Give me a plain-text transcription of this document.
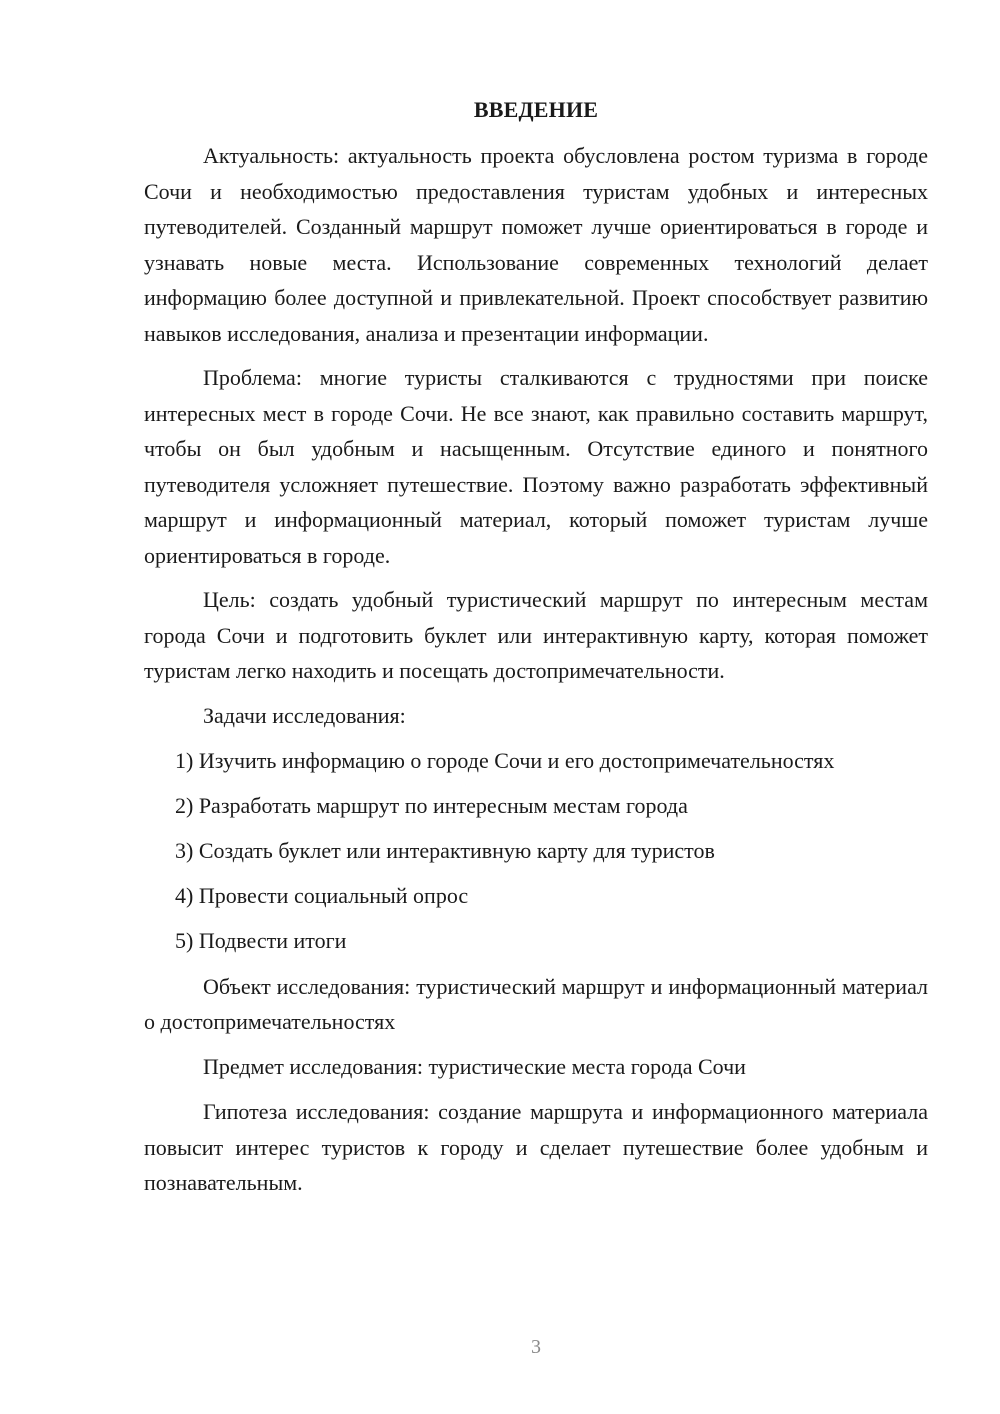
ВВЕДЕНИЕ

Актуальность: актуальность проекта обусловлена ростом туризма в городе Сочи и необходимостью предоставления туристам удобных и интересных путеводителей. Созданный маршрут поможет лучше ориентироваться в городе и узнавать новые места. Использование современных технологий делает информацию более доступной и привлекательной. Проект способствует развитию навыков исследования, анализа и презентации информации.

Проблема: многие туристы сталкиваются с трудностями при поиске интересных мест в городе Сочи. Не все знают, как правильно составить маршрут, чтобы он был удобным и насыщенным. Отсутствие единого и понятного путеводителя усложняет путешествие. Поэтому важно разработать эффективный маршрут и информационный материал, который поможет туристам лучше ориентироваться в городе.

Цель: создать удобный туристический маршрут по интересным местам города Сочи и подготовить буклет или интерактивную карту, которая поможет туристам легко находить и посещать достопримечательности.

Задачи исследования:

1) Изучить информацию о городе Сочи и его достопримечательностях
2) Разработать маршрут по интересным местам города
3) Создать буклет или интерактивную карту для туристов
4) Провести социальный опрос
5) Подвести итоги

Объект исследования: туристический маршрут и информационный материал о достопримечательностях

Предмет исследования: туристические места города Сочи

Гипотеза исследования: создание маршрута и информационного материала повысит интерес туристов к городу и сделает путешествие более удобным и познавательным.

3
